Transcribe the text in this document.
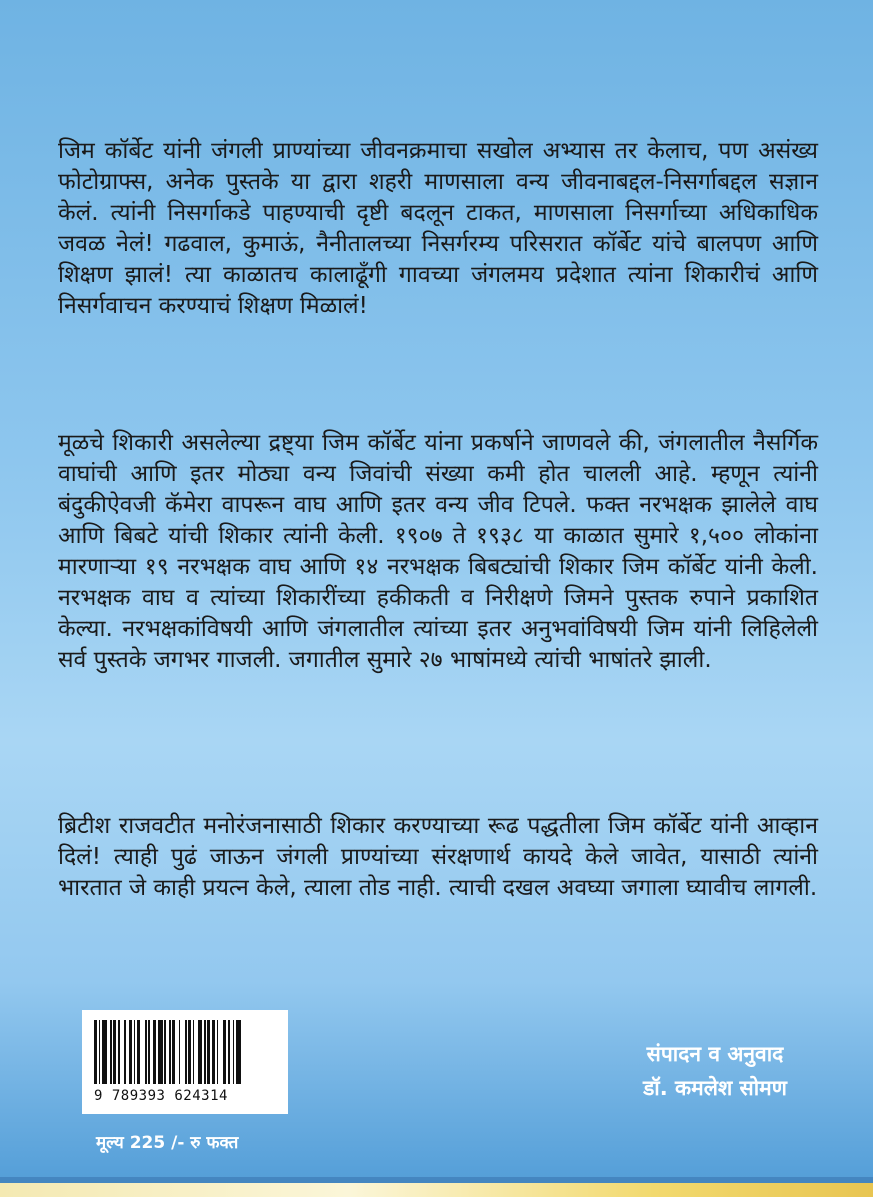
जिम कॉर्बेट यांनी जंगली प्राण्यांच्या जीवनक्रमाचा सखोल अभ्यास तर केलाच, पण असंख्य फोटोग्राफ्स, अनेक पुस्तके या द्वारा शहरी माणसाला वन्य जीवनाबद्दल-निसर्गाबद्दल सज्ञान केलं. त्यांनी निसर्गाकडे पाहण्याची दृष्टी बदलून टाकत, माणसाला निसर्गाच्या अधिकाधिक जवळ नेलं! गढवाल, कुमाऊं, नैनीतालच्या निसर्गरम्य परिसरात कॉर्बेट यांचे बालपण आणि शिक्षण झालं! त्या काळातच कालाढूँगी गावच्या जंगलमय प्रदेशात त्यांना शिकारीचं आणि निसर्गवाचन करण्याचं शिक्षण मिळालं!

मूळचे शिकारी असलेल्या द्रष्ट्या जिम कॉर्बेट यांना प्रकर्षाने जाणवले की, जंगलातील नैसर्गिक वाघांची आणि इतर मोठ्या वन्य जिवांची संख्या कमी होत चालली आहे. म्हणून त्यांनी बंदुकीऐवजी कॅमेरा वापरून वाघ आणि इतर वन्य जीव टिपले. फक्त नरभक्षक झालेले वाघ आणि बिबटे यांची शिकार त्यांनी केली. १९०७ ते १९३८ या काळात सुमारे १,५०० लोकांना मारणाऱ्या १९ नरभक्षक वाघ आणि १४ नरभक्षक बिबट्यांची शिकार जिम कॉर्बेट यांनी केली. नरभक्षक वाघ व त्यांच्या शिकारींच्या हकीकती व निरीक्षणे जिमने पुस्तक रुपाने प्रकाशित केल्या. नरभक्षकांविषयी आणि जंगलातील त्यांच्या इतर अनुभवांविषयी जिम यांनी लिहिलेली सर्व पुस्तके जगभर गाजली. जगातील सुमारे २७ भाषांमध्ये त्यांची भाषांतरे झाली.

ब्रिटीश राजवटीत मनोरंजनासाठी शिकार करण्याच्या रूढ पद्धतीला जिम कॉर्बेट यांनी आव्हान दिलं! त्याही पुढं जाऊन जंगली प्राण्यांच्या संरक्षणार्थ कायदे केले जावेत, यासाठी त्यांनी भारतात जे काही प्रयत्न केले, त्याला तोड नाही. त्याची दखल अवघ्या जगाला घ्यावीच लागली.

9 789393 624314
मूल्य 225 /- रु फक्त
संपादन व अनुवाद
डॉ. कमलेश सोमण
